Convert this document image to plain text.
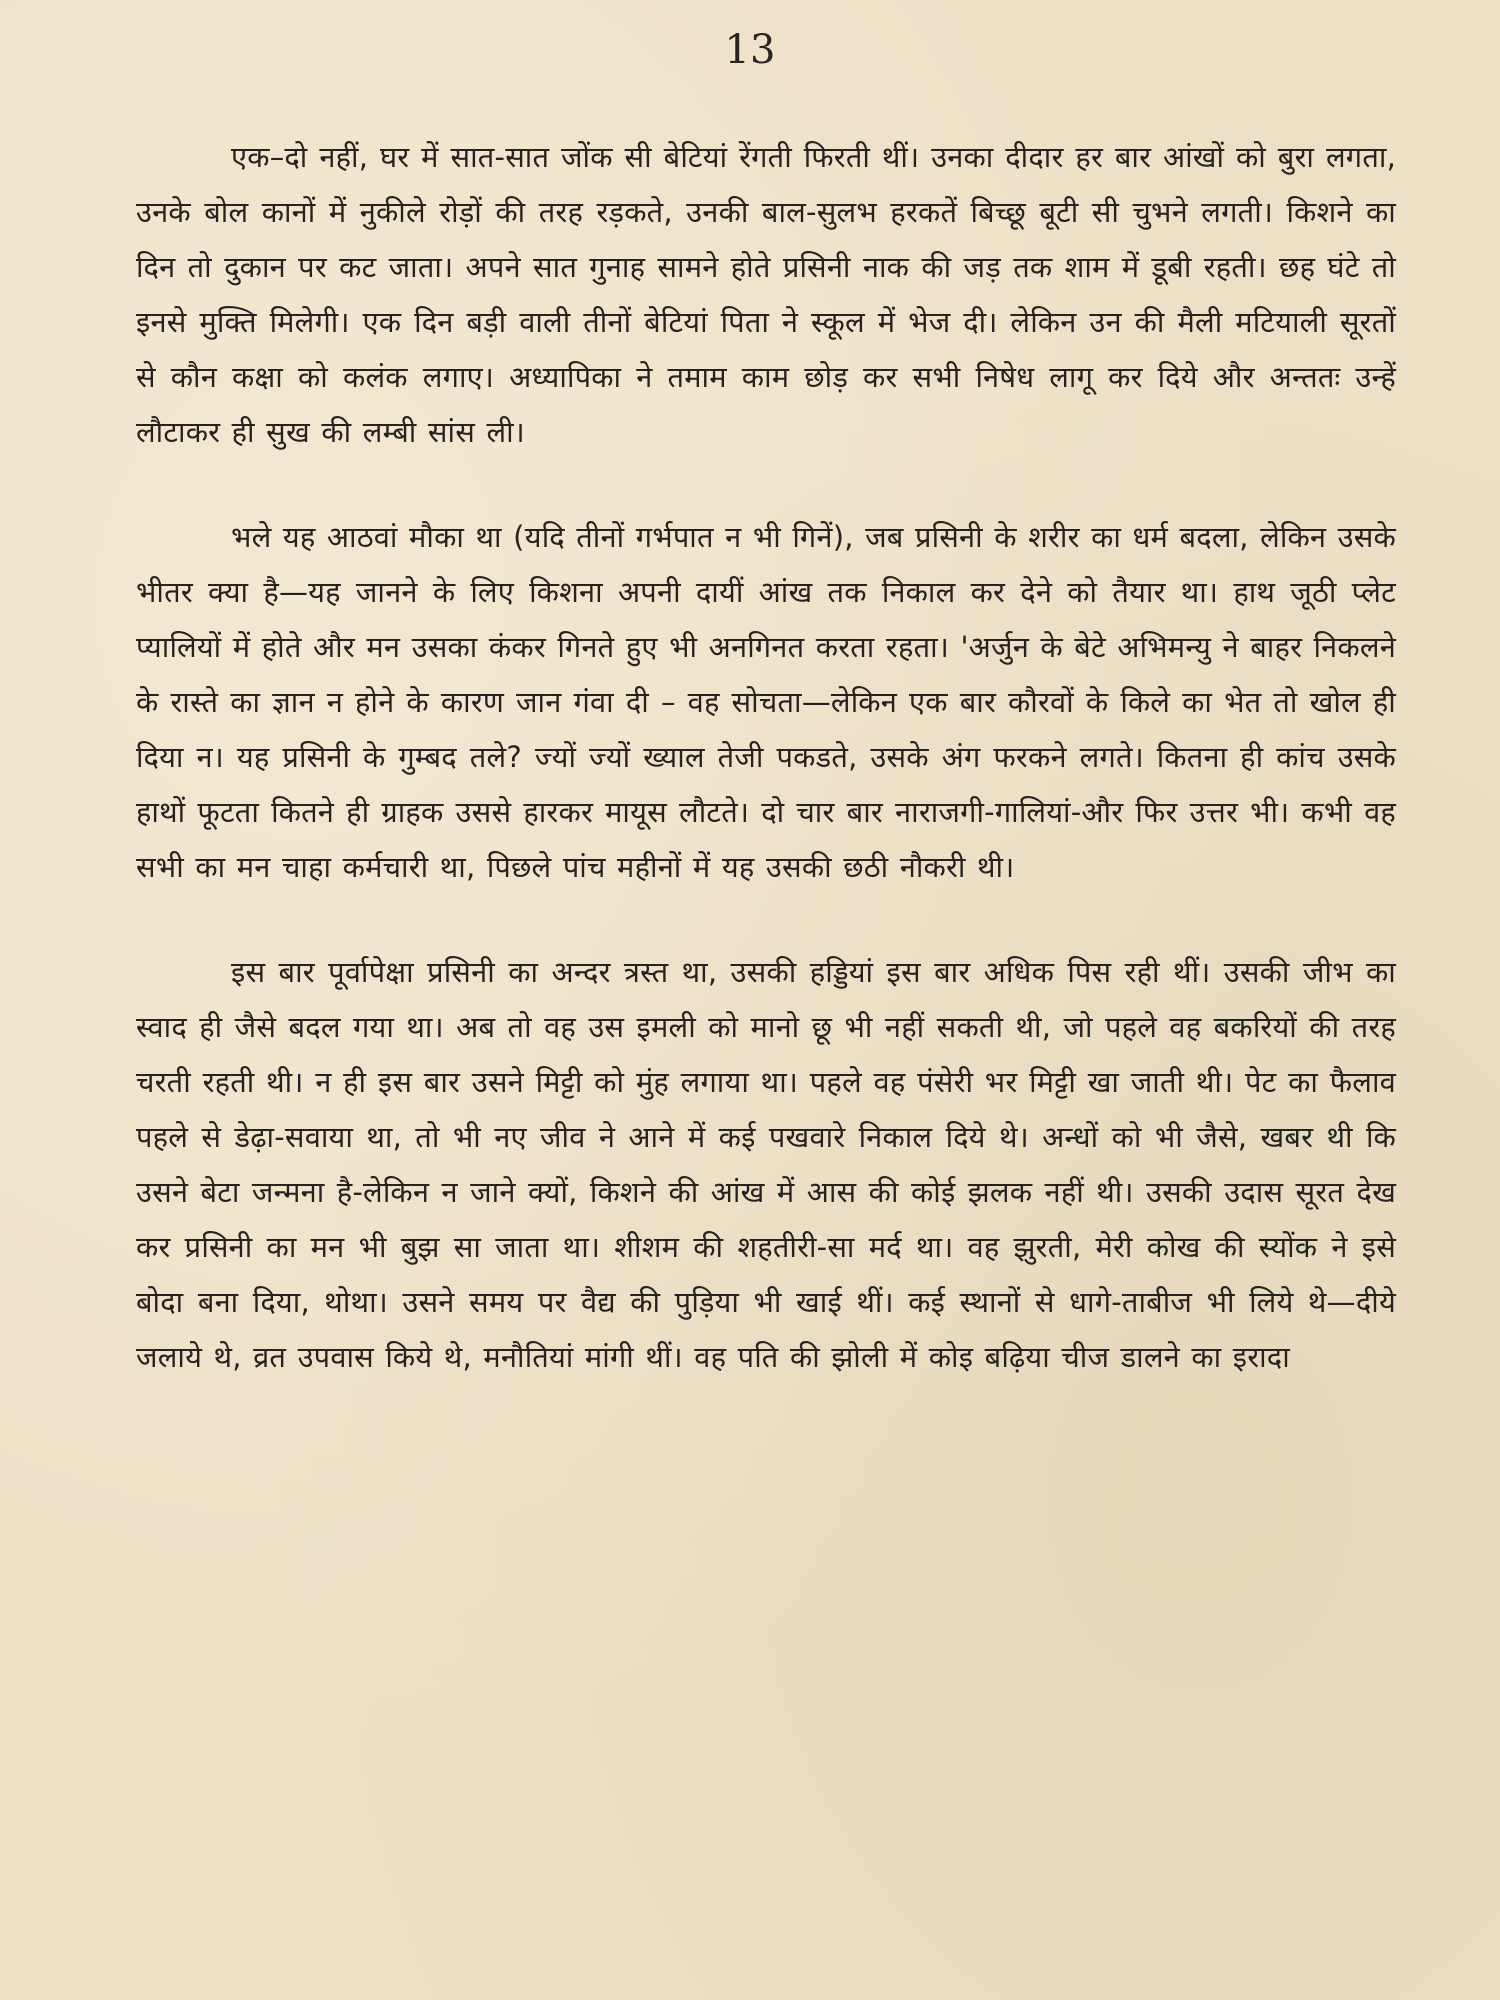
13

एक–दो नहीं, घर में सात-सात जोंक सी बेटियां रेंगती फिरती थीं। उनका दीदार हर बार आंखों को बुरा लगता, उनके बोल कानों में नुकीले रोड़ों की तरह रड़कते, उनकी बाल-सुलभ हरकतें बिच्छू बूटी सी चुभने लगती। किशने का दिन तो दुकान पर कट जाता। अपने सात गुनाह सामने होते प्रसिनी नाक की जड़ तक शाम में डूबी रहती। छह घंटे तो इनसे मुक्ति मिलेगी। एक दिन बड़ी वाली तीनों बेटियां पिता ने स्कूल में भेज दी। लेकिन उन की मैली मटियाली सूरतों से कौन कक्षा को कलंक लगाए। अध्यापिका ने तमाम काम छोड़ कर सभी निषेध लागू कर दिये और अन्ततः उन्हें लौटाकर ही सुख की लम्बी सांस ली।

भले यह आठवां मौका था (यदि तीनों गर्भपात न भी गिनें), जब प्रसिनी के शरीर का धर्म बदला, लेकिन उसके भीतर क्या है—यह जानने के लिए किशना अपनी दायीं आंख तक निकाल कर देने को तैयार था। हाथ जूठी प्लेट प्यालियों में होते और मन उसका कंकर गिनते हुए भी अनगिनत करता रहता। 'अर्जुन के बेटे अभिमन्यु ने बाहर निकलने के रास्ते का ज्ञान न होने के कारण जान गंवा दी – वह सोचता—लेकिन एक बार कौरवों के किले का भेत तो खोल ही दिया न। यह प्रसिनी के गुम्बद तले? ज्यों ज्यों ख्याल तेजी पकडते, उसके अंग फरकने लगते। कितना ही कांच उसके हाथों फूटता कितने ही ग्राहक उससे हारकर मायूस लौटते। दो चार बार नाराजगी-गालियां-और फिर उत्तर भी। कभी वह सभी का मन चाहा कर्मचारी था, पिछले पांच महीनों में यह उसकी छठी नौकरी थी।

इस बार पूर्वापेक्षा प्रसिनी का अन्दर त्रस्त था, उसकी हड्डियां इस बार अधिक पिस रही थीं। उसकी जीभ का स्वाद ही जैसे बदल गया था। अब तो वह उस इमली को मानो छू भी नहीं सकती थी, जो पहले वह बकरियों की तरह चरती रहती थी। न ही इस बार उसने मिट्टी को मुंह लगाया था। पहले वह पंसेरी भर मिट्टी खा जाती थी। पेट का फैलाव पहले से डेढ़ा-सवाया था, तो भी नए जीव ने आने में कई पखवारे निकाल दिये थे। अन्धों को भी जैसे, खबर थी कि उसने बेटा जन्मना है-लेकिन न जाने क्यों, किशने की आंख में आस की कोई झलक नहीं थी। उसकी उदास सूरत देख कर प्रसिनी का मन भी बुझ सा जाता था। शीशम की शहतीरी-सा मर्द था। वह झुरती, मेरी कोख की स्योंक ने इसे बोदा बना दिया, थोथा। उसने समय पर वैद्य की पुड़िया भी खाई थीं। कई स्थानों से धागे-ताबीज भी लिये थे—दीये जलाये थे, व्रत उपवास किये थे, मनौतियां मांगी थीं। वह पति की झोली में कोइ बढ़िया चीज डालने का इरादा
